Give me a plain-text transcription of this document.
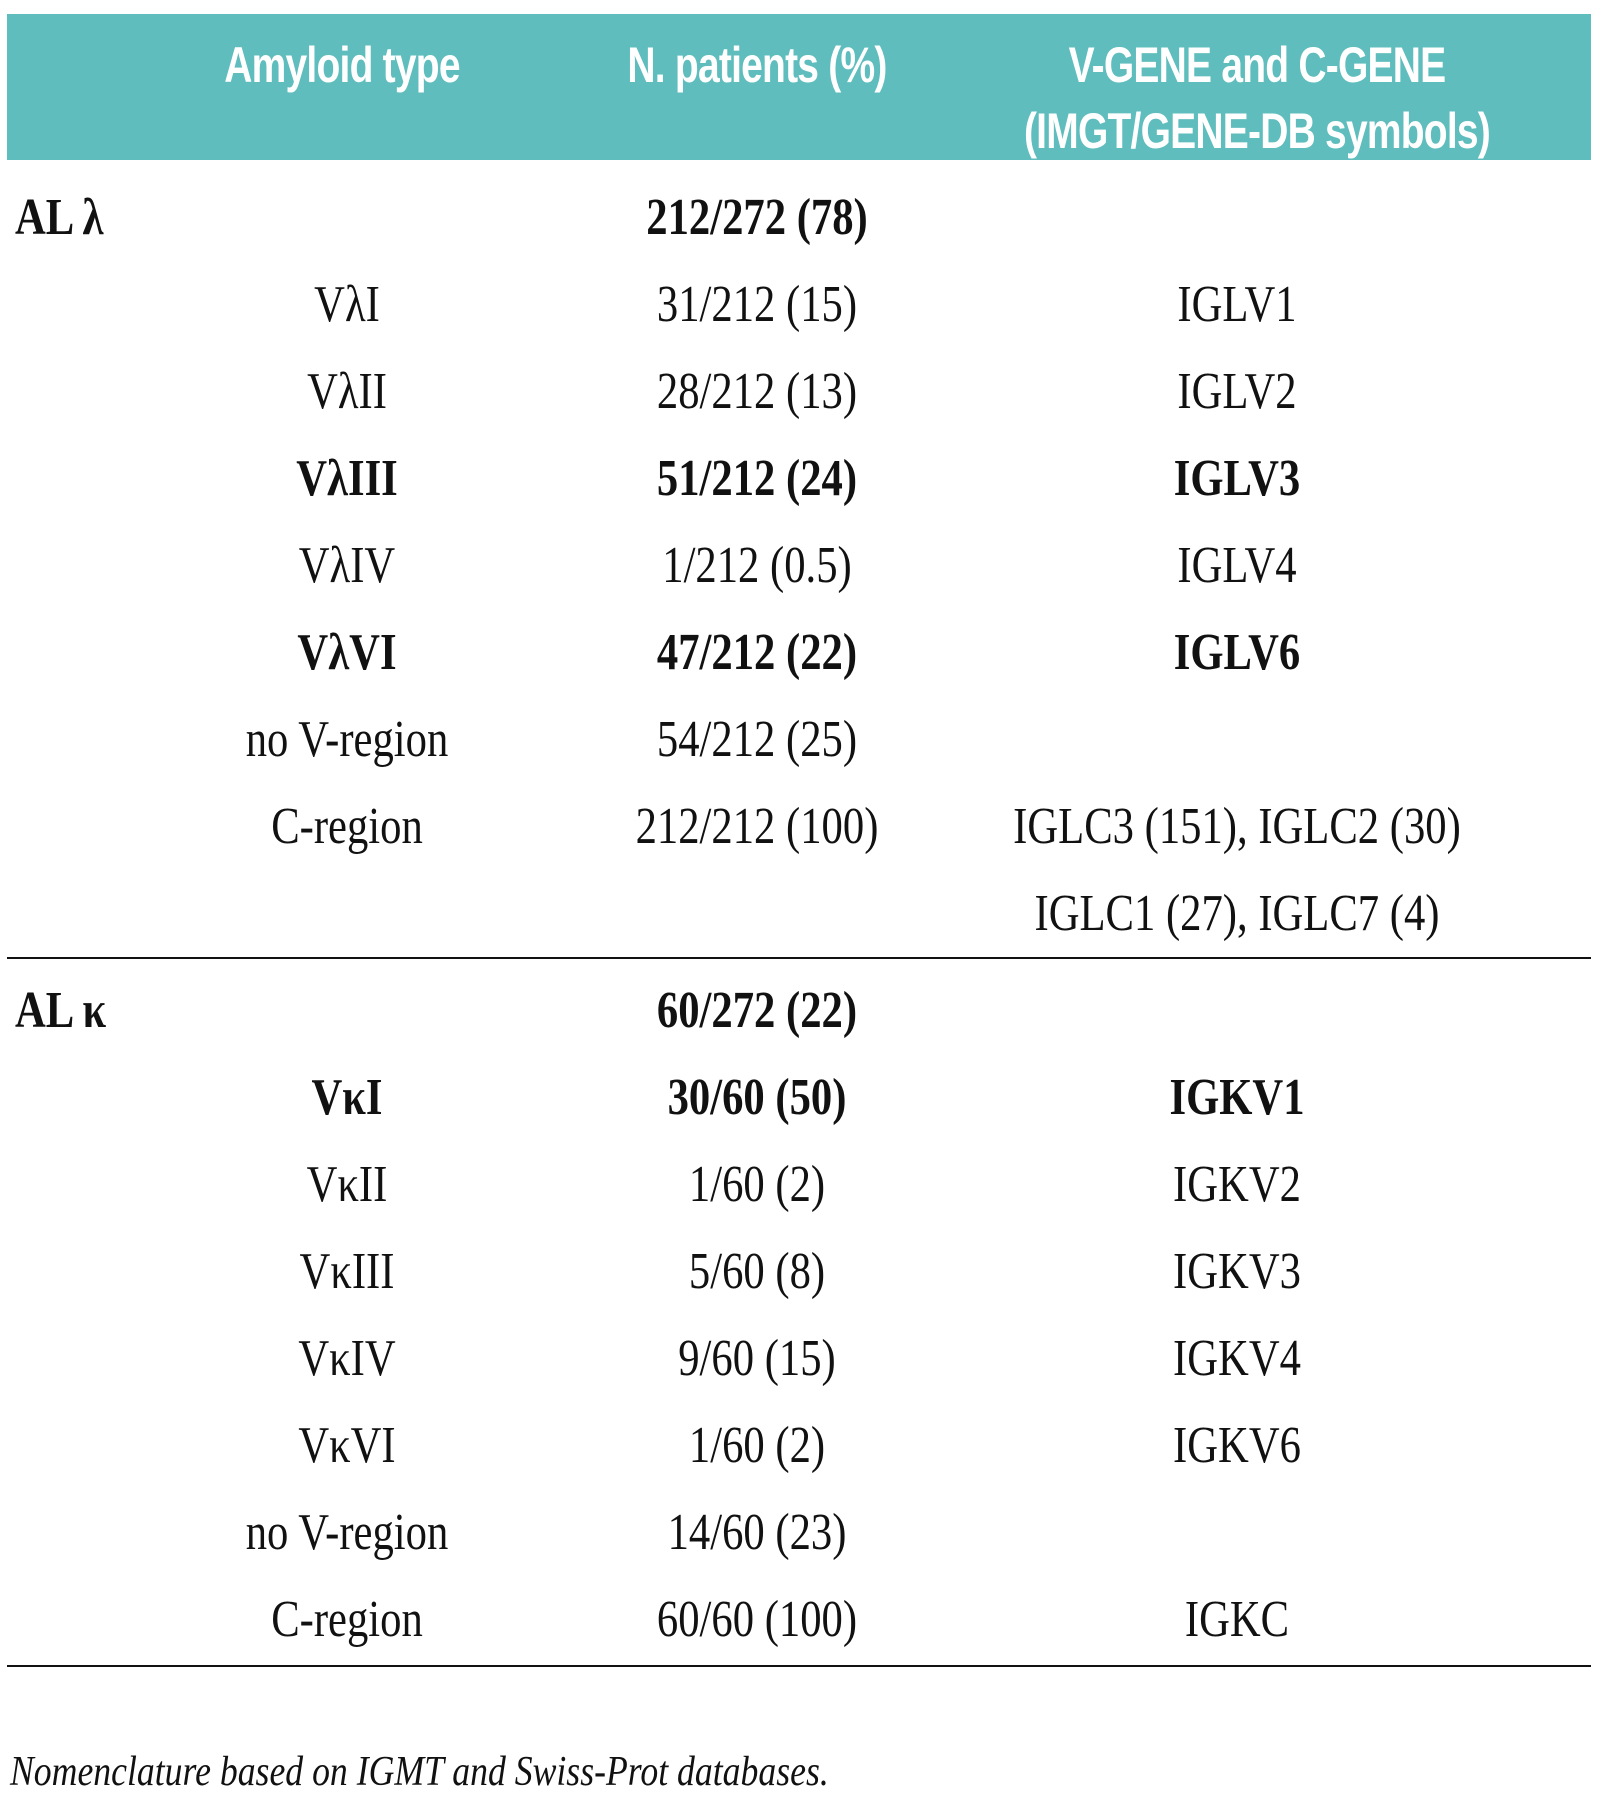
Amyloid type	N. patients (%)	V-GENE and C-GENE
(IMGT/GENE-DB symbols)
AL λ	212/272 (78)
VλI	31/212 (15)	IGLV1
VλII	28/212 (13)	IGLV2
VλIII	51/212 (24)	IGLV3
VλIV	1/212 (0.5)	IGLV4
VλVI	47/212 (22)	IGLV6
no V-region	54/212 (25)
C-region	212/212 (100)	IGLC3 (151), IGLC2 (30)
IGLC1 (27), IGLC7 (4)
AL κ	60/272 (22)
VκI	30/60 (50)	IGKV1
VκII	1/60 (2)	IGKV2
VκIII	5/60 (8)	IGKV3
VκIV	9/60 (15)	IGKV4
VκVI	1/60 (2)	IGKV6
no V-region	14/60 (23)
C-region	60/60 (100)	IGKC
Nomenclature based on IGMT and Swiss-Prot databases.
